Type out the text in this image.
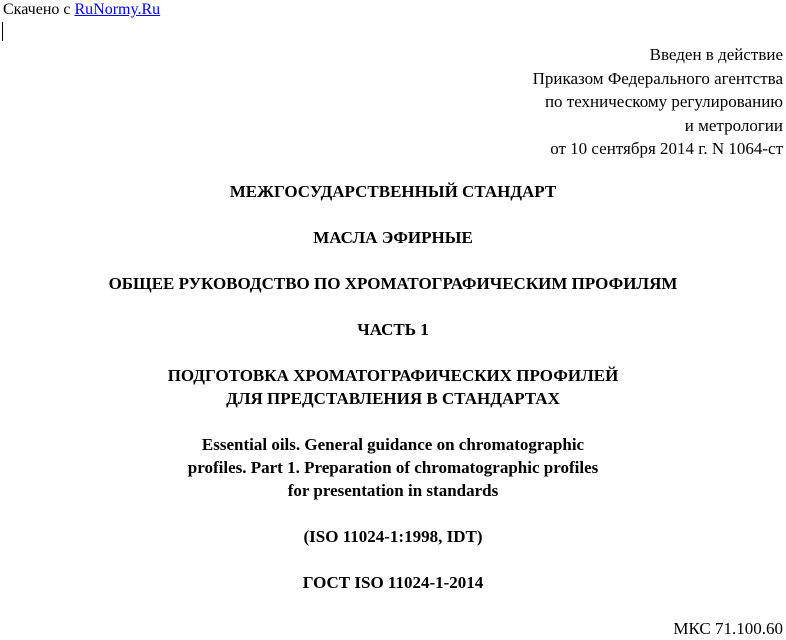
Скачено с RuNormy.Ru
Введен в действие
Приказом Федерального агентства
по техническому регулированию
и метрологии
от 10 сентября 2014 г. N 1064-ст
МЕЖГОСУДАРСТВЕННЫЙ СТАНДАРТ
МАСЛА ЭФИРНЫЕ
ОБЩЕЕ РУКОВОДСТВО ПО ХРОМАТОГРАФИЧЕСКИМ ПРОФИЛЯМ
ЧАСТЬ 1
ПОДГОТОВКА ХРОМАТОГРАФИЧЕСКИХ ПРОФИЛЕЙ
ДЛЯ ПРЕДСТАВЛЕНИЯ В СТАНДАРТАХ
Essential oils. General guidance on chromatographic
profiles. Part 1. Preparation of chromatographic profiles
for presentation in standards
(ISO 11024-1:1998, IDT)
ГОСТ ISO 11024-1-2014
МКС 71.100.60
